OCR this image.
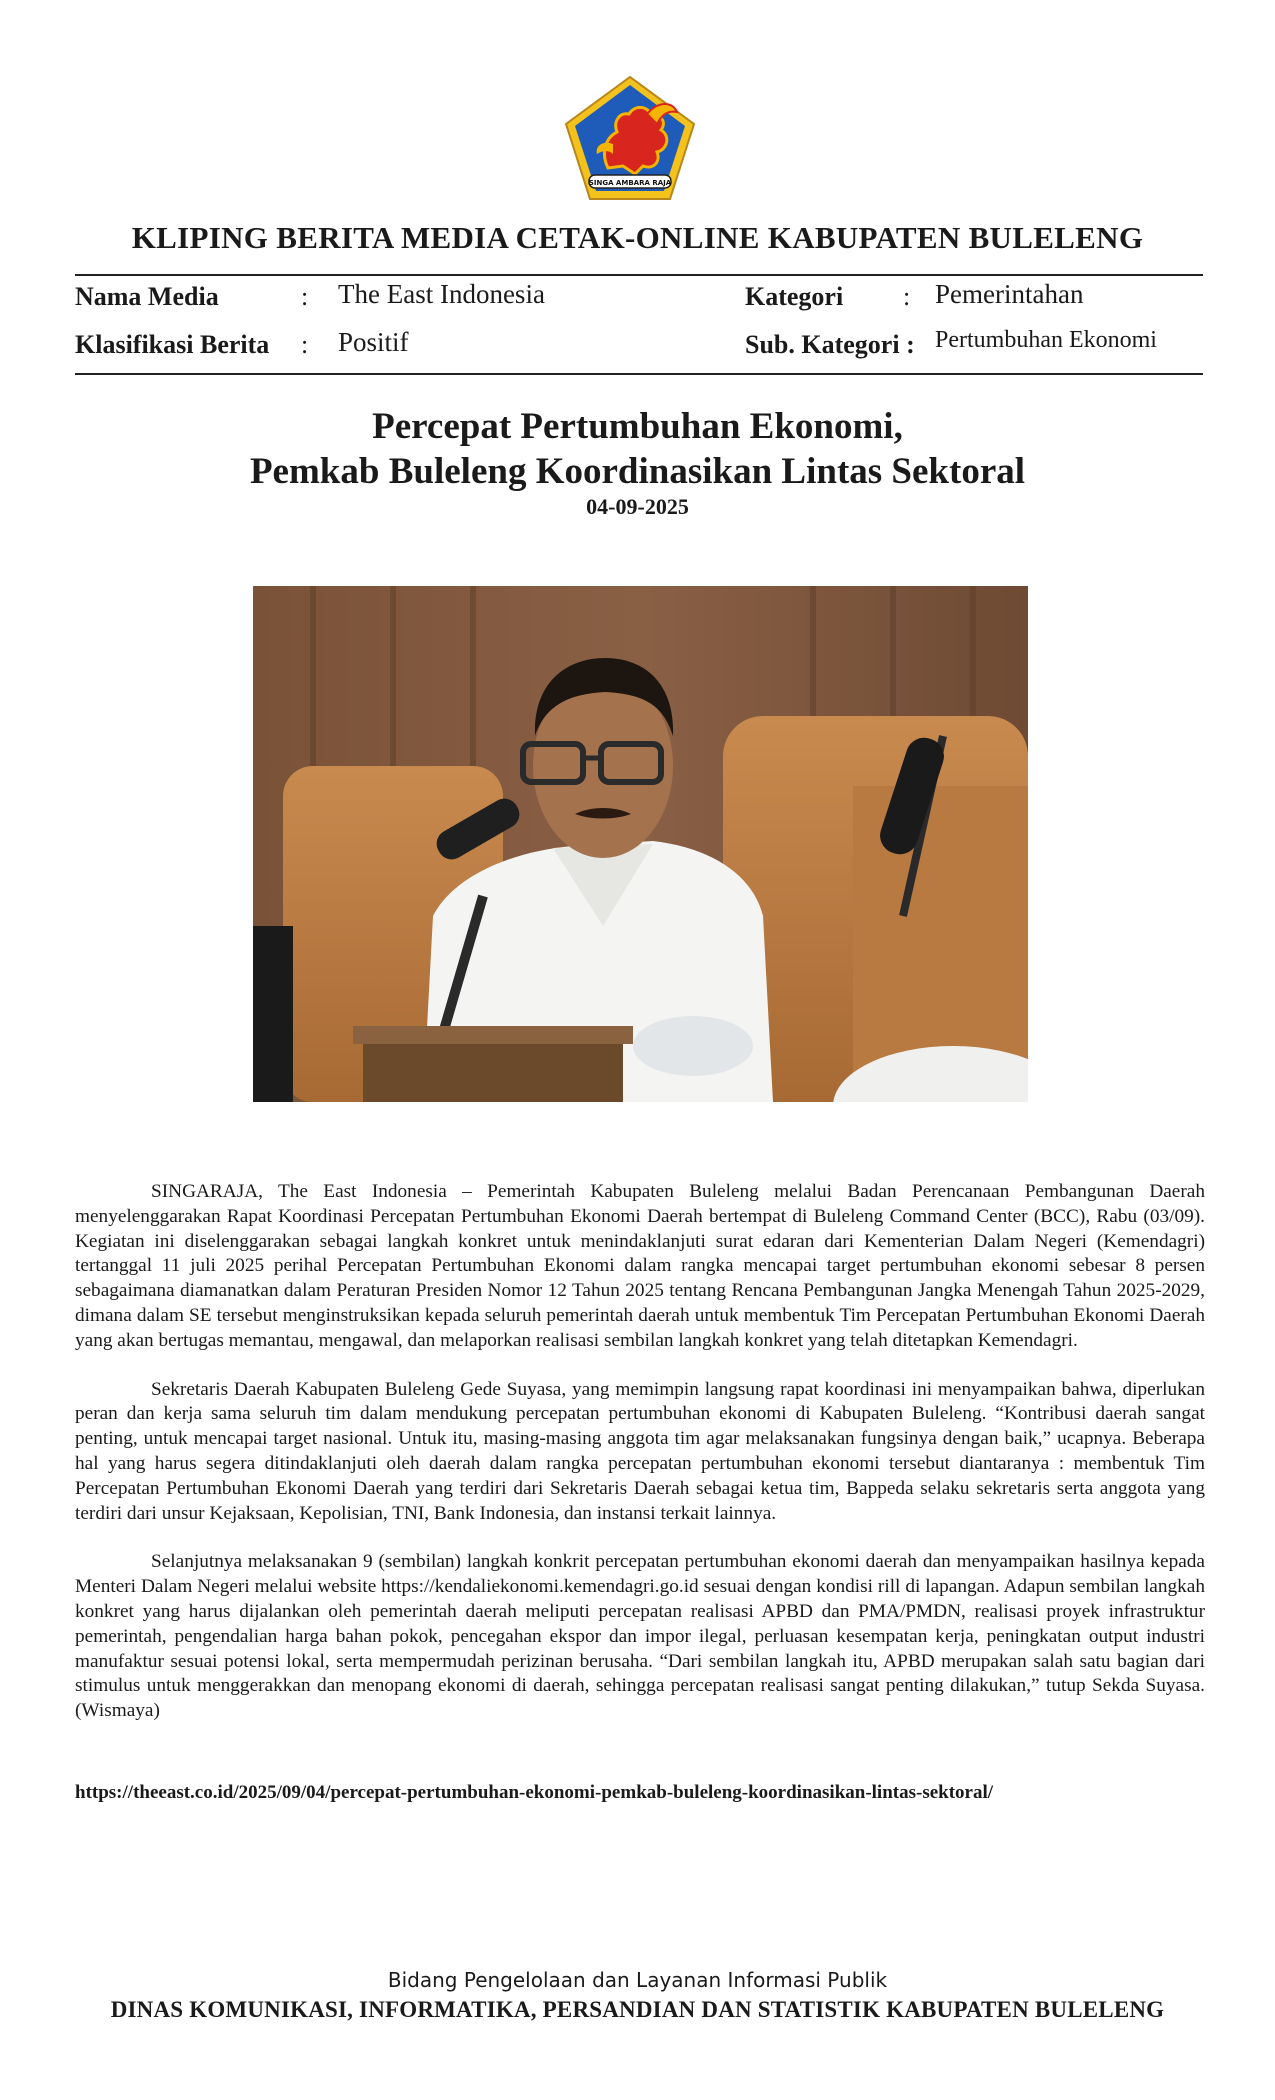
SINGA AMBARA RAJA
KLIPING BERITA MEDIA CETAK-ONLINE KABUPATEN BULELENG
Nama Media	: The East Indonesia	Kategori : Pemerintahan
Klasifikasi Berita : Positif	Sub. Kategori : Pertumbuhan Ekonomi
Percepat Pertumbuhan Ekonomi,
Pemkab Buleleng Koordinasikan Lintas Sektoral
04-09-2025

SINGARAJA, The East Indonesia – Pemerintah Kabupaten Buleleng melalui Badan Perencanaan Pembangunan Daerah menyelenggarakan Rapat Koordinasi Percepatan Pertumbuhan Ekonomi Daerah bertempat di Buleleng Command Center (BCC), Rabu (03/09). Kegiatan ini diselenggarakan sebagai langkah konkret untuk menindaklanjuti surat edaran dari Kementerian Dalam Negeri (Kemendagri) tertanggal 11 juli 2025 perihal Percepatan Pertumbuhan Ekonomi dalam rangka mencapai target pertumbuhan ekonomi sebesar 8 persen sebagaimana diamanatkan dalam Peraturan Presiden Nomor 12 Tahun 2025 tentang Rencana Pembangunan Jangka Menengah Tahun 2025-2029, dimana dalam SE tersebut menginstruksikan kepada seluruh pemerintah daerah untuk membentuk Tim Percepatan Pertumbuhan Ekonomi Daerah yang akan bertugas memantau, mengawal, dan melaporkan realisasi sembilan langkah konkret yang telah ditetapkan Kemendagri.

Sekretaris Daerah Kabupaten Buleleng Gede Suyasa, yang memimpin langsung rapat koordinasi ini menyampaikan bahwa, diperlukan peran dan kerja sama seluruh tim dalam mendukung percepatan pertumbuhan ekonomi di Kabupaten Buleleng. “Kontribusi daerah sangat penting, untuk mencapai target nasional. Untuk itu, masing-masing anggota tim agar melaksanakan fungsinya dengan baik,” ucapnya. Beberapa hal yang harus segera ditindaklanjuti oleh daerah dalam rangka percepatan pertumbuhan ekonomi tersebut diantaranya : membentuk Tim Percepatan Pertumbuhan Ekonomi Daerah yang terdiri dari Sekretaris Daerah sebagai ketua tim, Bappeda selaku sekretaris serta anggota yang terdiri dari unsur Kejaksaan, Kepolisian, TNI, Bank Indonesia, dan instansi terkait lainnya.

Selanjutnya melaksanakan 9 (sembilan) langkah konkrit percepatan pertumbuhan ekonomi daerah dan menyampaikan hasilnya kepada Menteri Dalam Negeri melalui website https://kendaliekonomi.kemendagri.go.id sesuai dengan kondisi rill di lapangan. Adapun sembilan langkah konkret yang harus dijalankan oleh pemerintah daerah meliputi percepatan realisasi APBD dan PMA/PMDN, realisasi proyek infrastruktur pemerintah, pengendalian harga bahan pokok, pencegahan ekspor dan impor ilegal, perluasan kesempatan kerja, peningkatan output industri manufaktur sesuai potensi lokal, serta mempermudah perizinan berusaha. “Dari sembilan langkah itu, APBD merupakan salah satu bagian dari stimulus untuk menggerakkan dan menopang ekonomi di daerah, sehingga percepatan realisasi sangat penting dilakukan,” tutup Sekda Suyasa.(Wismaya)

https://theeast.co.id/2025/09/04/percepat-pertumbuhan-ekonomi-pemkab-buleleng-koordinasikan-lintas-sektoral/
Bidang Pengelolaan dan Layanan Informasi Publik
DINAS KOMUNIKASI, INFORMATIKA, PERSANDIAN DAN STATISTIK KABUPATEN BULELENG
